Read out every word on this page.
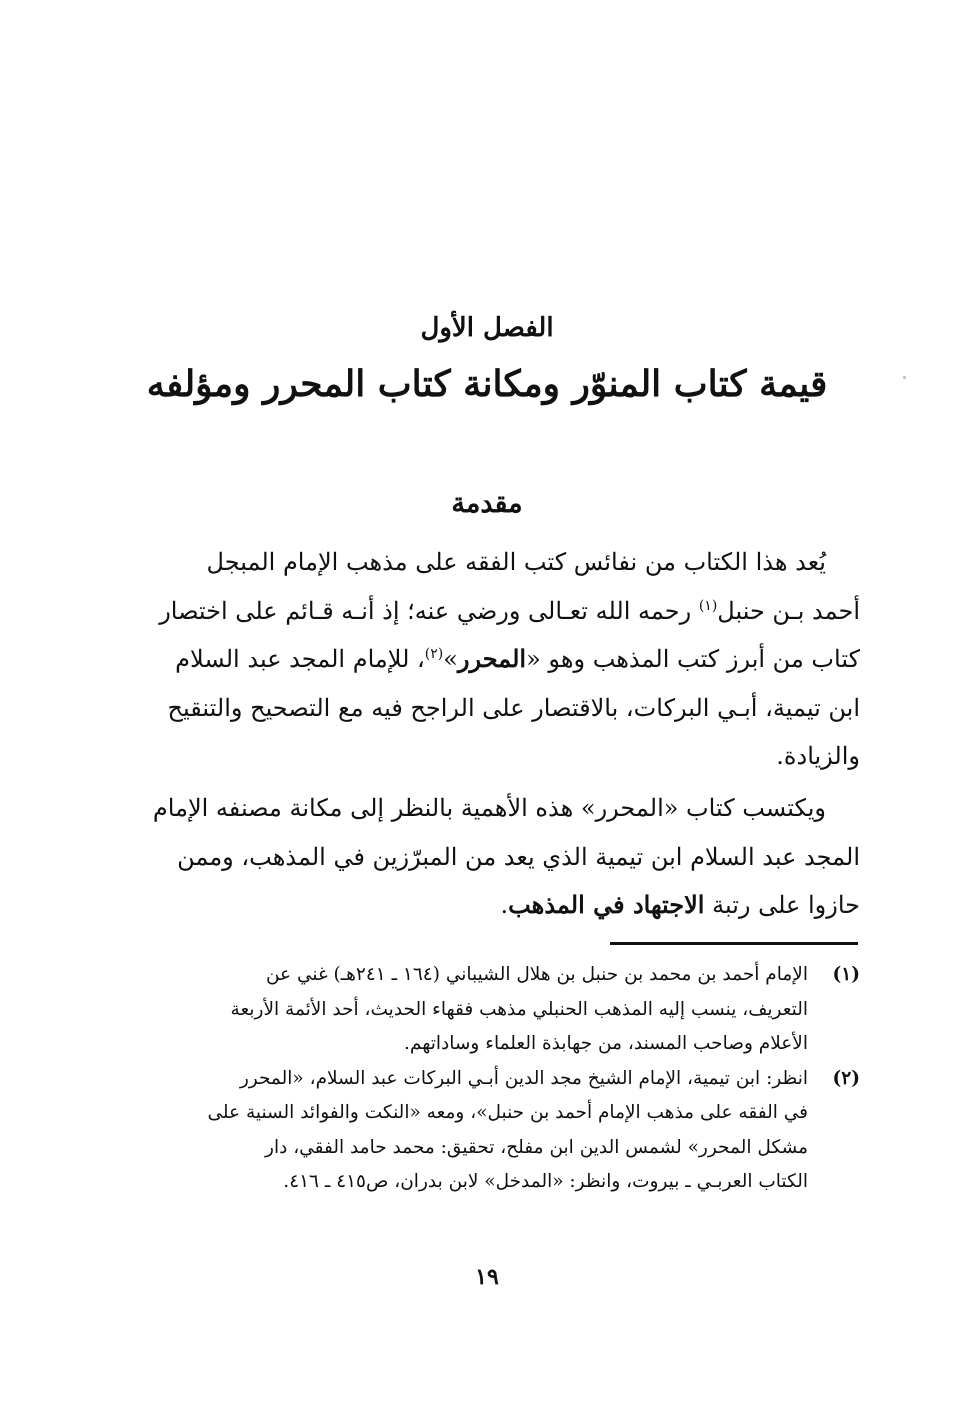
الفصل الأول
قيمة كتاب المنوّر ومكانة كتاب المحرر ومؤلفه
مقدمة
يُعد هذا الكتاب من نفائس كتب الفقه على مذهب الإمام المبجل
أحمد بـن حنبل$^{(١)}$ رحمه الله تعـالى ورضي عنه؛ إذ أنـه قـائم على اختصار
كتاب من أبرز كتب المذهب وهو «المحرر»$^{(٢)}$، للإمام المجد عبد السلام
ابن تيمية، أبـي البركات، بالاقتصار على الراجح فيه مع التصحيح والتنقيح
والزيادة.
ويكتسب كتاب «المحرر» هذه الأهمية بالنظر إلى مكانة مصنفه الإمام
المجد عبد السلام ابن تيمية الذي يعد من المبرّزين في المذهب، وممن
حازوا على رتبة الاجتهاد في المذهب.
(١)
الإمام أحمد بن محمد بن حنبل بن هلال الشيباني (١٦٤ ـ ٢٤١هـ) غني عن
التعريف، ينسب إليه المذهب الحنبلي مذهب فقهاء الحديث، أحد الأئمة الأربعة
الأعلام وصاحب المسند، من جهابذة العلماء وساداتهم.
(٢)
انظر: ابن تيمية، الإمام الشيخ مجد الدين أبـي البركات عبد السلام، «المحرر
في الفقه على مذهب الإمام أحمد بن حنبل»، ومعه «النكت والفوائد السنية على
مشكل المحرر» لشمس الدين ابن مفلح، تحقيق: محمد حامد الفقي، دار
الكتاب العربـي ـ بيروت، وانظر: «المدخل» لابن بدران، ص٤١٥ ـ ٤١٦.
١٩
